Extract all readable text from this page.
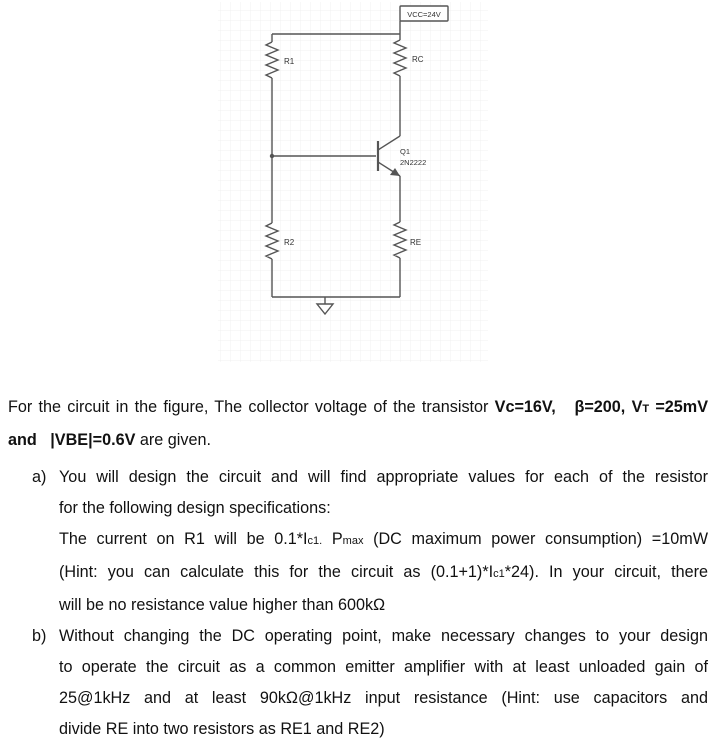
VCC=24V
R1	RC
R2	RE
Q1
2N2222

For the circuit in the figure, The collector voltage of the transistor Vc=16V, β=200, VT =25mV and   |VBE|=0.6V are given.

a) You will design the circuit and will find appropriate values for each of the resistor
for the following design specifications:
The current on R1 will be 0.1*Ic1. Pmax (DC maximum power consumption) =10mW
(Hint: you can calculate this for the circuit as (0.1+1)*Ic1*24). In your circuit, there
will be no resistance value higher than 600kΩ
b) Without changing the DC operating point, make necessary changes to your design
to operate the circuit as a common emitter amplifier with at least unloaded gain of
25@1kHz and at least 90kΩ@1kHz input resistance (Hint: use capacitors and
divide RE into two resistors as RE1 and RE2)
